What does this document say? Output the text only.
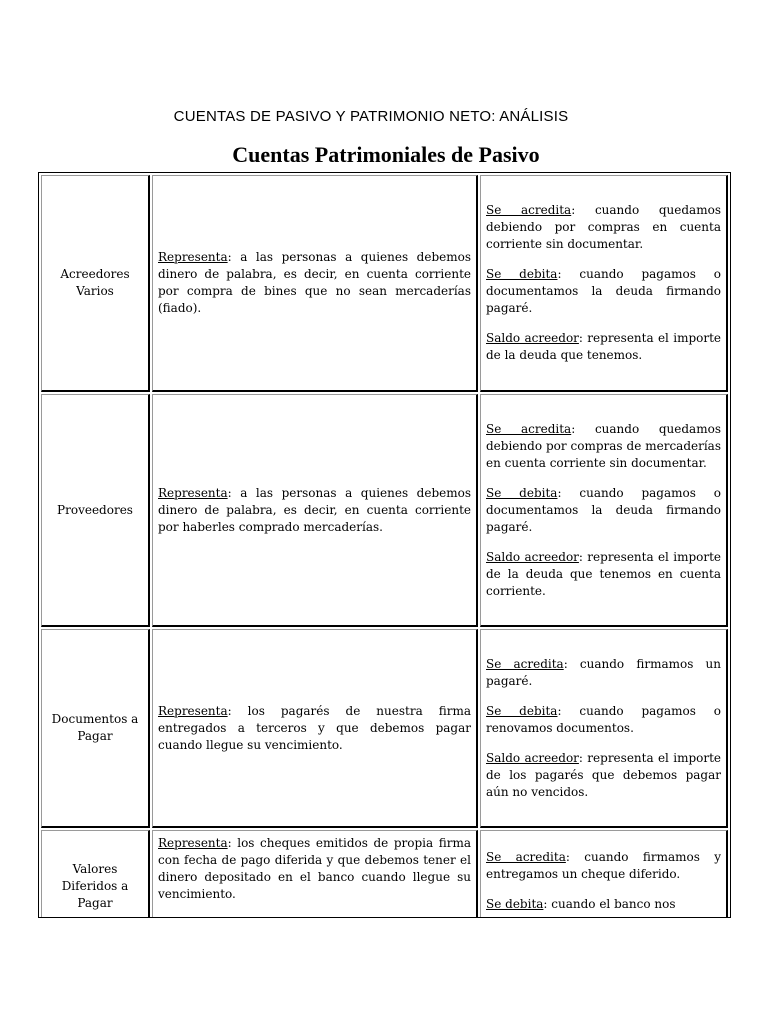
CUENTAS DE PASIVO Y PATRIMONIO NETO: ANÁLISIS
Cuentas Patrimoniales de Pasivo
Acreedores Varios	Representa: a las personas a quienes debemos dinero de palabra, es decir, en cuenta corriente por compra de bines que no sean mercaderías (fiado).	Se acredita: cuando quedamos debiendo por compras en cuenta corriente sin documentar.

Se debita: cuando pagamos o documentamos la deuda firmando pagaré.

Saldo acreedor: representa el importe de la deuda que tenemos.

Proveedores	Representa: a las personas a quienes debemos dinero de palabra, es decir, en cuenta corriente por haberles comprado mercaderías.	Se acredita: cuando quedamos debiendo por compras de mercaderías en cuenta corriente sin documentar.

Se debita: cuando pagamos o documentamos la deuda firmando pagaré.

Saldo acreedor: representa el importe de la deuda que tenemos en cuenta corriente.

Documentos a Pagar	Representa: los pagarés de nuestra firma entregados a terceros y que debemos pagar cuando llegue su vencimiento.	Se acredita: cuando firmamos un pagaré.

Se debita: cuando pagamos o renovamos documentos.

Saldo acreedor: representa el importe de los pagarés que debemos pagar aún no vencidos.

Valores Diferidos a Pagar	Representa: los cheques emitidos de propia firma con fecha de pago diferida y que debemos tener el dinero depositado en el banco cuando llegue su vencimiento.	Se acredita: cuando firmamos y entregamos un cheque diferido.

Se debita: cuando el banco nos
